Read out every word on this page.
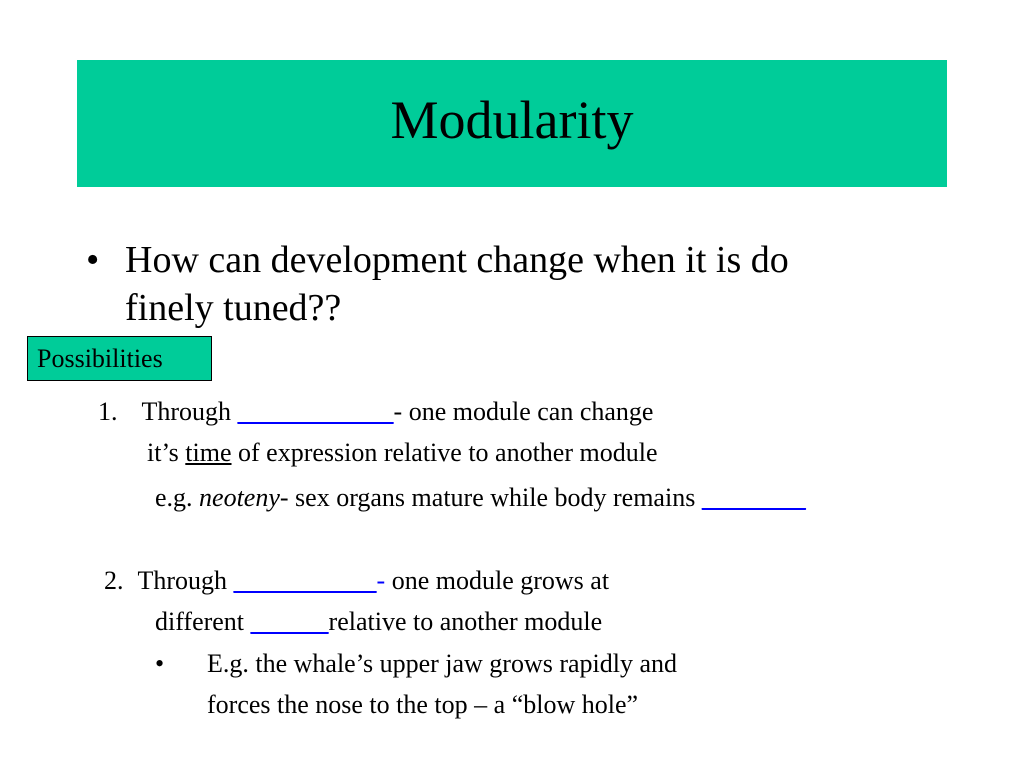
Modularity
• How can development change when it is do
finely tuned??
Possibilities
1. Through ____________- one module can change
it’s time of expression relative to another module
e.g. neoteny- sex organs mature while body remains ________
2. Through ___________- one module grows at
different ______relative to another module
• E.g. the whale’s upper jaw grows rapidly and
forces the nose to the top – a “blow hole”
